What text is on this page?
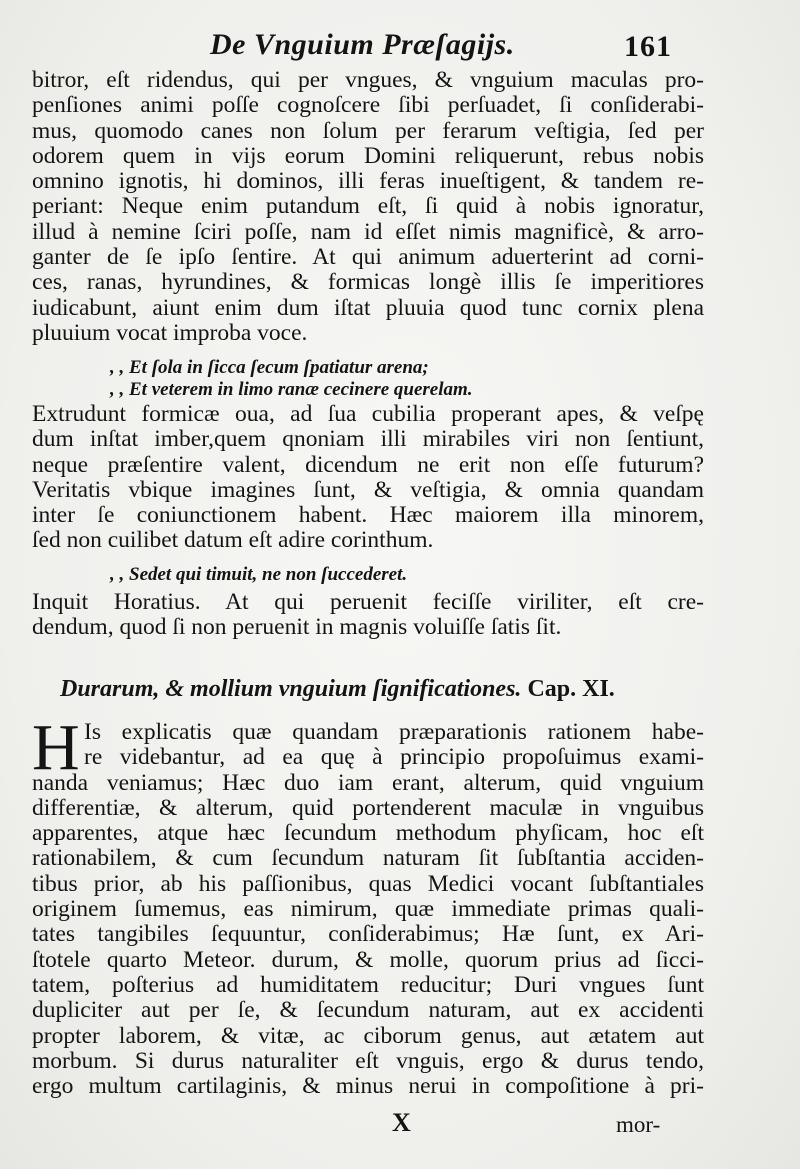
De Vnguium Præſagijs.	161
bitror, eſt ridendus, qui per vngues, & vnguium maculas pro-
penſiones animi poſſe cognoſcere ſibi perſuadet, ſi conſiderabi-
mus, quomodo canes non ſolum per ferarum veſtigia, ſed per
odorem quem in vijs eorum Domini reliquerunt, rebus nobis
omnino ignotis, hi dominos, illi feras inueſtigent, & tandem re-
periant: Neque enim putandum eſt, ſi quid à nobis ignoratur,
illud à nemine ſciri poſſe, nam id eſſet nimis magnificè, & arro-
ganter de ſe ipſo ſentire. At qui animum aduerterint ad corni-
ces, ranas, hyrundines, & formicas longè illis ſe imperitiores
iudicabunt, aiunt enim dum iſtat pluuia quod tunc cornix plena
pluuium vocat improba voce.
, , Et ſola in ſicca ſecum ſpatiatur arena;
, , Et veterem in limo ranæ cecinere querelam.
Extrudunt formicæ oua, ad ſua cubilia properant apes, & veſpę
dum inſtat imber,quem qnoniam illi mirabiles viri non ſentiunt,
neque præſentire valent, dicendum ne erit non eſſe futurum?
Veritatis vbique imagines ſunt, & veſtigia, & omnia quandam
inter ſe coniunctionem habent. Hæc maiorem illa minorem,
ſed non cuilibet datum eſt adire corinthum.
, , Sedet qui timuit, ne non ſuccederet.
Inquit Horatius. At qui peruenit feciſſe viriliter, eſt cre-
dendum, quod ſi non peruenit in magnis voluiſſe ſatis ſit.
Durarum, & mollium vnguium ſignificationes. Cap. XI.
H Is explicatis quæ quandam præparationis rationem habe-
re videbantur, ad ea quę à principio propoſuimus exami-
nanda veniamus; Hæc duo iam erant, alterum, quid vnguium
differentiæ, & alterum, quid portenderent maculæ in vnguibus
apparentes, atque hæc ſecundum methodum phyſicam, hoc eſt
rationabilem, & cum ſecundum naturam ſit ſubſtantia acciden-
tibus prior, ab his paſſionibus, quas Medici vocant ſubſtantiales
originem ſumemus, eas nimirum, quæ immediate primas quali-
tates tangibiles ſequuntur, conſiderabimus; Hæ ſunt, ex Ari-
ſtotele quarto Meteor. durum, & molle, quorum prius ad ſicci-
tatem, poſterius ad humiditatem reducitur; Duri vngues ſunt
dupliciter aut per ſe, & ſecundum naturam, aut ex accidenti
propter laborem, & vitæ, ac ciborum genus, aut ætatem aut
morbum. Si durus naturaliter eſt vnguis, ergo & durus tendo,
ergo multum cartilaginis, & minus nerui in compoſitione à pri-
X	mor-
